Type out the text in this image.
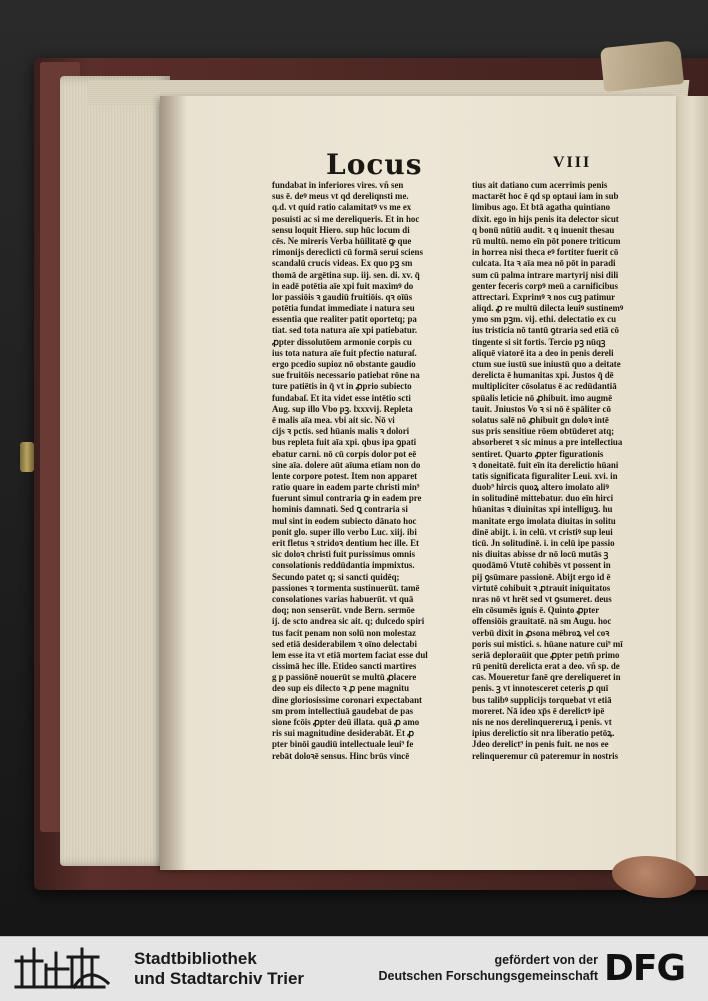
Locus	VIII
fundabat in inferiores vires. vñ sen
sus ē. deꝰ meus vt qd dereliqnsti me.
q.d. vt quid ratio calamitatꝰ vs me ex
posuisti ac si me dereliqueris. Et in hoc
sensu loquit Hiero. sup hūc locum di
cēs. Ne mireris Verba hūilitatē ꝙ que
rimonijs dereclicti cū formā serui sciens
scandalū crucis videas. Ex quo pꝫ sm
thomā de argētina sup. iij. sen. di. xv. q̄
in eadē potētia aīe xpi fuit maximꝰ do
lor passiōis ꝛ gaudiū fruitiōis. qꝛ oīūs
potētia fundat immediate i natura seu
essentia que realiter patit oportetq; pa
tiat. sed tota natura aīe xpi patiebatur.
ꝓpter dissolutōem armonie corpis cu
ius tota natura aīe fuit pfectio naturaſ.
ergo pcedio supioz nō obstante gaudio
sue fruitōis necessario patiebat rōne na
ture patiētis in q̄ vt in ꝓprio subiecto
fundabaſ. Et ita videt esse intētio scti
Aug. sup illo Vbo pꝫ. lxxxvij. Repleta
ē malis aīa mea. vbi ait sic. Nō vi
cijs ꝛ pctis. sed hūanis malis ꝛ dolori
bus repleta fuit aīa xpi. qbus ipa ꝯpati
ebatur carni. nō cū corpis dolor pot eē
sine aīa. dolere aūt aīuma etiam non do
lente corpore potest. Item non apparet
ratio quare in eadem parte christi min⁹
fuerunt simul contraria ꝙ in eadem pre
hominis damnati. Sed ꝗ contraria si
mul sint in eodem subiecto dānato hoc
ponit glo. super illo verbo Luc. xiij. ibi
erit fletus ꝛ stridoꝛ dentium hec ille. Et
sic doloꝛ christi fuit purissimus omnis
consolationis reddūdantia impmixtus.
Secundo patet q; si sancti quidēq;
passiones ꝛ tormenta sustinuerūt. tamē
consolationes varias habuerūt. vt quā
doq; non senserūt. vnde Bern. sermōe
ij. de scto andrea sic ait. q; dulcedo spiri
tus facit penam non solū non molestaz
sed etiā desiderabilem ꝛ oīno delectabi
lem esse ita vt etiā mortem faciat esse dul
cissimā hec ille. Etideo sancti martires
g p passiōnē nouerūt se multū ꝓlacere
deo sup eis dilecto ꝛ ꝓ pene magnitu
dine gloriosissime coronari expectabant
sm prom intellectiuā gaudebat de pas
sione fcōis ꝓpter deū illata. quā ꝓ amo
ris sui magnitudine desiderabāt. Et ꝓ
pter binōi gaudiū intellectuale leui⁹ fe
rebāt doloꝛē sensus. Hinc brūs vincē
tius ait datiano cum acerrimis penis
mactarēt hoc ē qd sp optaui iam in sub
limibus ago. Et btā agatha quintiano
dixit. ego in hijs penis ita delector sicut
q bonū nūtiū audit. ꝛ q inuenit thesau
rū multū. nemo eīn pōt ponere triticum
in horrea nisi theca eꝰ fortiter fuerit cō
culcata. Ita ꝛ aīa mea nō pōt in paradi
sum cū palma intrare martyrij nisi dili
genter feceris corpꝰ meū a carnificibus
attrectari. Exprimꝰ ꝛ nos cuꝫ patimur
aliqd. ꝓ re multū dilecta leuiꝰ sustinemꝰ
ymo sm pꝫm. vij. ethi. delectatio ex cu
ius tristicia nō tantū ꝯtraria sed etiā cō
tingente si sit fortis. Tercio pꝫ nūqꝫ
aliquē viatorē ita a deo in penis dereli
ctum sue iustū sue iniustū quo a deitate
derelicta ē humanitas xpi. Justos q̄ dē
multipliciter cōsolatus ē ac redūdantiā
spūalis leticie nō ꝓhibuit. imo augmē
tauit. Jniustos Vo ꝛ si nō ē spāliter cō
solatus salē nō ꝓhibuit gn doloꝛ intē
sus pris sensitiue rōem obtūderet atq;
absorberet ꝛ sic minus a pre intellectiua
sentiret. Quarto ꝓpter figurationis
ꝛ doneitatē. fuit eīn ita derelictio hūani
tatis significata figuraliter Leui. xvi. in
duob⁹ hircis quoꝝ altero imolato aliꝰ
in solitudinē mittebatur. duo eīn hirci
hūanitas ꝛ diuinitas xpi intelliguꝫ. hu
manitate ergo imolata diuitas in solitu
dinē abijt. i. in celū. vt cristiꝰ sup leui
ticū. Jn solitudinē. i. in celū ipe passio
nis diuitas abisse dr nō locū mutās ꝫ
quodāmō Vtutē cohibēs vt possent in
pij ꝯsūmare passionē. Abijt ergo id ē
virtutē cohibuit ꝛ ꝓtrauit iniquitatos
nras nō vt hrēt sed vt ꝯsumeret. deus
eīn cōsumēs ignis ē. Quinto ꝓpter
offensiōis grauitatē. nā sm Augu. hoc
verbū dixit in ꝓsona mēbroꝝ vel coꝛ
poris sui mistici. s. hūane nature cui⁹ mī
seriā deploraūit que ꝓpter petm̄ primo
rū penitū derelicta erat a deo. vñ sp. de
cas. Moueretur fanē qre dereliqueret in
penis. ꝫ vt innotesceret ceteris ꝓ quī
bus talibꝰ supplicijs torquebat vt etiā
moreret. Nā ideo xp̄s ē derelictꝰ ipē
nis ne nos derelinquereruꝝ i penis. vt
ipius derelictio sit nra liberatio petōꝝ.
Jdeo derelict⁹ in penis fuit. ne nos ee
relinqueremur cū pateremur in nostris
Stadtbibliothek
und Stadtarchiv Trier
gefördert von der
Deutschen Forschungsgemeinschaft DFG
